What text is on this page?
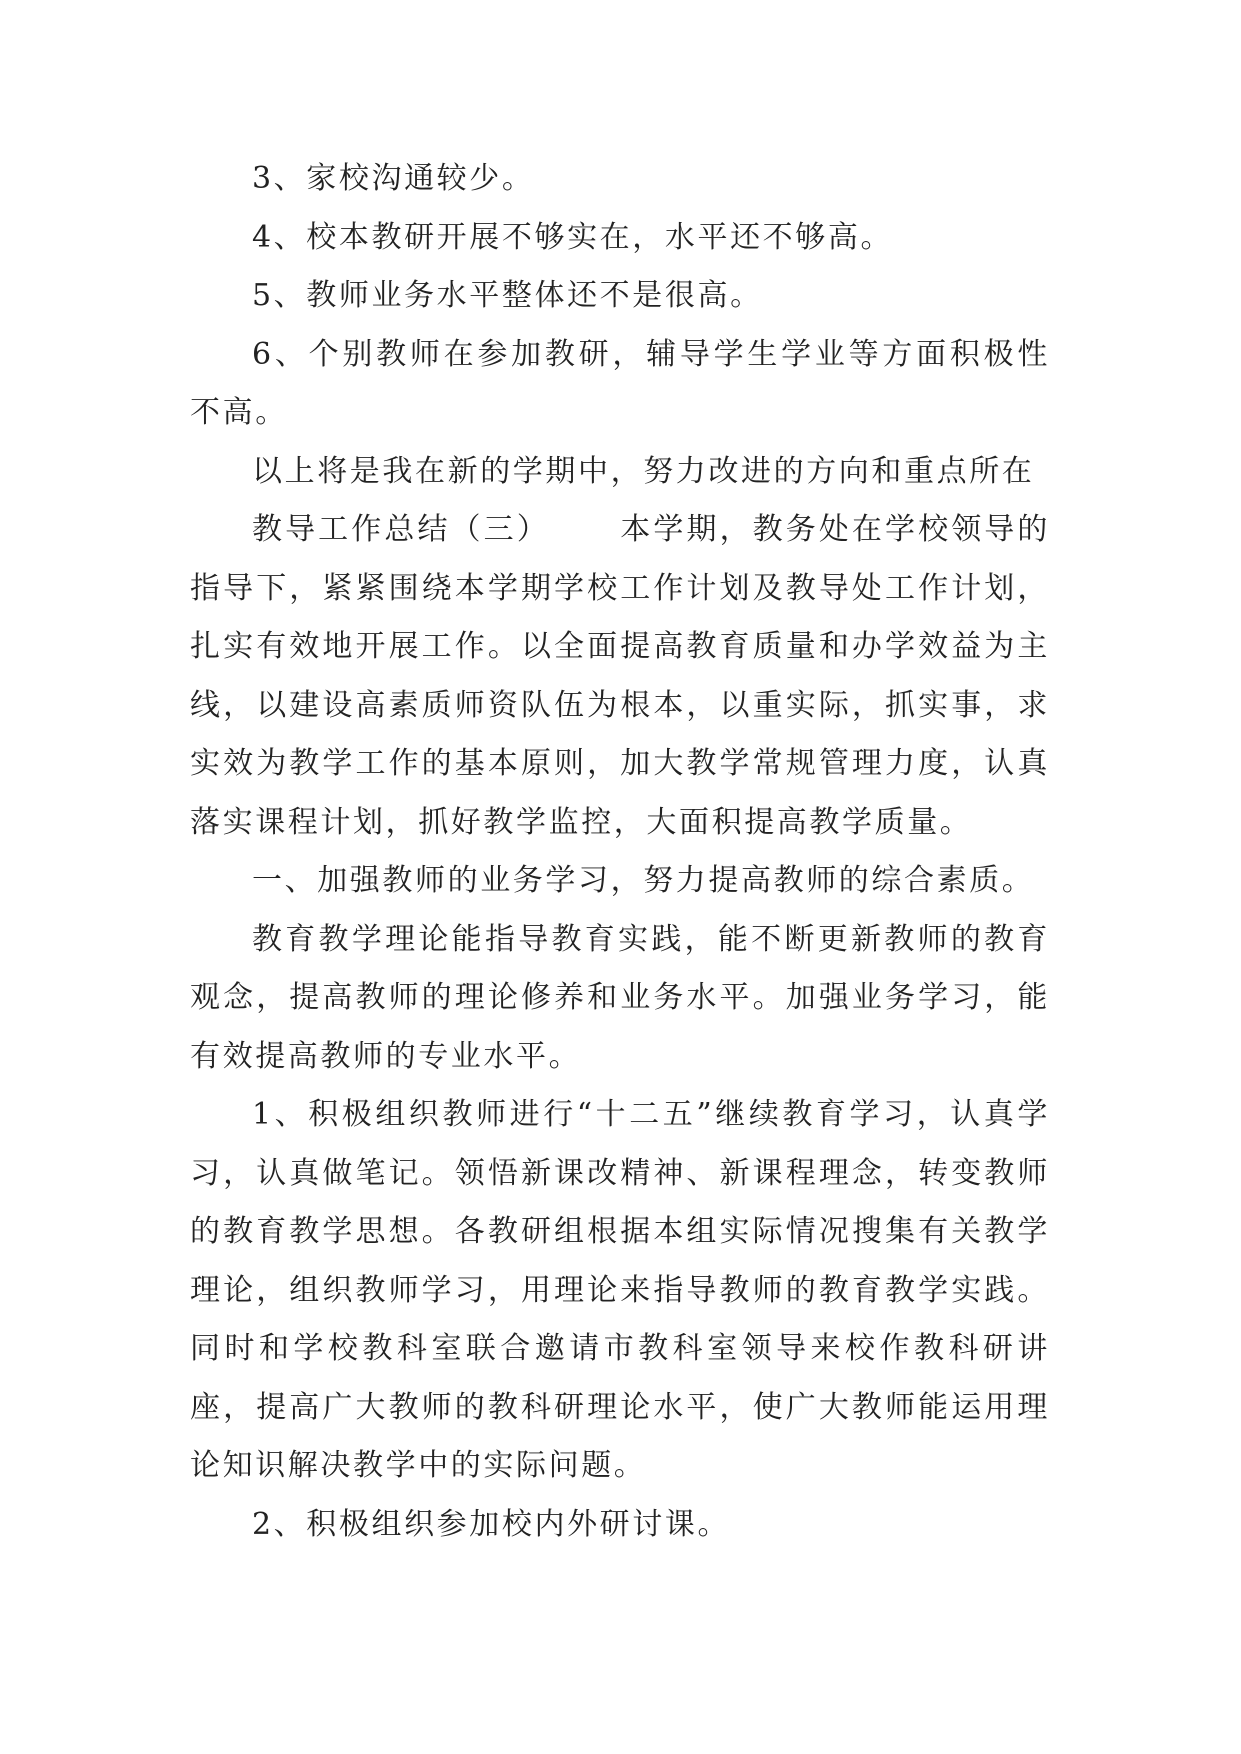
3、家校沟通较少。

4、校本教研开展不够实在，水平还不够高。

5、教师业务水平整体还不是很高。

6、个别教师在参加教研，辅导学生学业等方面积极性不高。

以上将是我在新的学期中，努力改进的方向和重点所在

教导工作总结（三） 本学期，教务处在学校领导的指导下，紧紧围绕本学期学校工作计划及教导处工作计划，扎实有效地开展工作。以全面提高教育质量和办学效益为主线，以建设高素质师资队伍为根本，以重实际，抓实事，求实效为教学工作的基本原则，加大教学常规管理力度，认真落实课程计划，抓好教学监控，大面积提高教学质量。

一、加强教师的业务学习，努力提高教师的综合素质。

教育教学理论能指导教育实践，能不断更新教师的教育观念，提高教师的理论修养和业务水平。加强业务学习，能有效提高教师的专业水平。

1、积极组织教师进行“十二五”继续教育学习，认真学习，认真做笔记。领悟新课改精神、新课程理念，转变教师的教育教学思想。各教研组根据本组实际情况搜集有关教学理论，组织教师学习，用理论来指导教师的教育教学实践。同时和学校教科室联合邀请市教科室领导来校作教科研讲座，提高广大教师的教科研理论水平，使广大教师能运用理论知识解决教学中的实际问题。

2、积极组织参加校内外研讨课。
